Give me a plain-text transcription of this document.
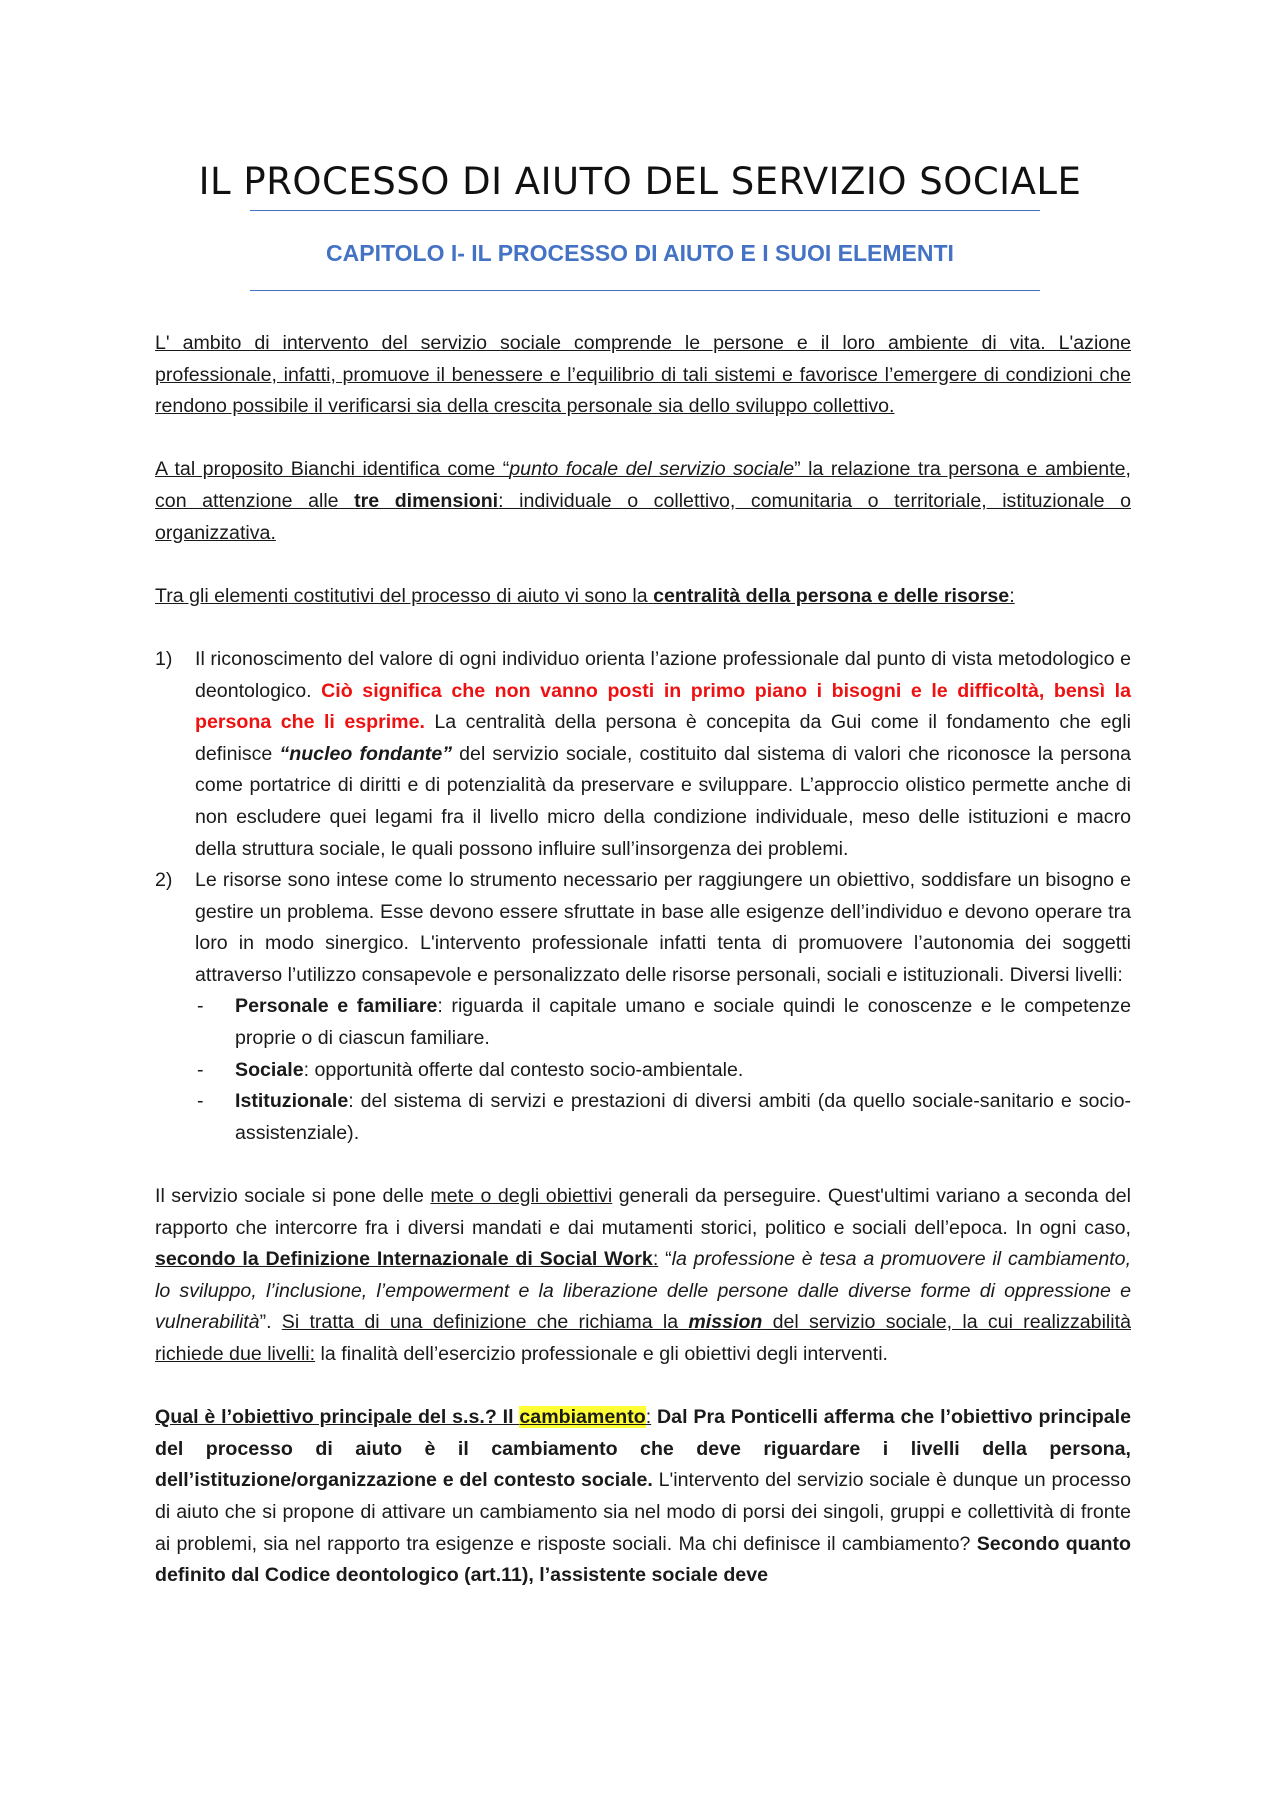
IL PROCESSO DI AIUTO DEL SERVIZIO SOCIALE
CAPITOLO I- IL PROCESSO DI AIUTO E I SUOI ELEMENTI

L' ambito di intervento del servizio sociale comprende le persone e il loro ambiente di vita. L'azione professionale, infatti, promuove il benessere e l’equilibrio di tali sistemi e favorisce l’emergere di condizioni che rendono possibile il verificarsi sia della crescita personale sia dello sviluppo collettivo.

A tal proposito Bianchi identifica come “punto focale del servizio sociale” la relazione tra persona e ambiente, con attenzione alle tre dimensioni: individuale o collettivo, comunitaria o territoriale, istituzionale o organizzativa.

Tra gli elementi costitutivi del processo di aiuto vi sono la centralità della persona e delle risorse:

1) Il riconoscimento del valore di ogni individuo orienta l’azione professionale dal punto di vista metodologico e deontologico. Ciò significa che non vanno posti in primo piano i bisogni e le difficoltà, bensì la persona che li esprime. La centralità della persona è concepita da Gui come il fondamento che egli definisce “nucleo fondante” del servizio sociale, costituito dal sistema di valori che riconosce la persona come portatrice di diritti e di potenzialità da preservare e sviluppare. L’approccio olistico permette anche di non escludere quei legami fra il livello micro della condizione individuale, meso delle istituzioni e macro della struttura sociale, le quali possono influire sull’insorgenza dei problemi.
2) Le risorse sono intese come lo strumento necessario per raggiungere un obiettivo, soddisfare un bisogno e gestire un problema. Esse devono essere sfruttate in base alle esigenze dell’individuo e devono operare tra loro in modo sinergico. L'intervento professionale infatti tenta di promuovere l’autonomia dei soggetti attraverso l’utilizzo consapevole e personalizzato delle risorse personali, sociali e istituzionali. Diversi livelli:
- Personale e familiare: riguarda il capitale umano e sociale quindi le conoscenze e le competenze proprie o di ciascun familiare.
- Sociale: opportunità offerte dal contesto socio-ambientale.
- Istituzionale: del sistema di servizi e prestazioni di diversi ambiti (da quello sociale-sanitario e socio-assistenziale).

Il servizio sociale si pone delle mete o degli obiettivi generali da perseguire. Quest'ultimi variano a seconda del rapporto che intercorre fra i diversi mandati e dai mutamenti storici, politico e sociali dell’epoca. In ogni caso, secondo la Definizione Internazionale di Social Work: “la professione è tesa a promuovere il cambiamento, lo sviluppo, l’inclusione, l’empowerment e la liberazione delle persone dalle diverse forme di oppressione e vulnerabilità”. Si tratta di una definizione che richiama la mission del servizio sociale, la cui realizzabilità richiede due livelli: la finalità dell’esercizio professionale e gli obiettivi degli interventi.

Qual è l’obiettivo principale del s.s.? Il cambiamento: Dal Pra Ponticelli afferma che l’obiettivo principale del processo di aiuto è il cambiamento che deve riguardare i livelli della persona, dell’istituzione/organizzazione e del contesto sociale. L'intervento del servizio sociale è dunque un processo di aiuto che si propone di attivare un cambiamento sia nel modo di porsi dei singoli, gruppi e collettività di fronte ai problemi, sia nel rapporto tra esigenze e risposte sociali. Ma chi definisce il cambiamento? Secondo quanto definito dal Codice deontologico (art.11), l’assistente sociale deve
